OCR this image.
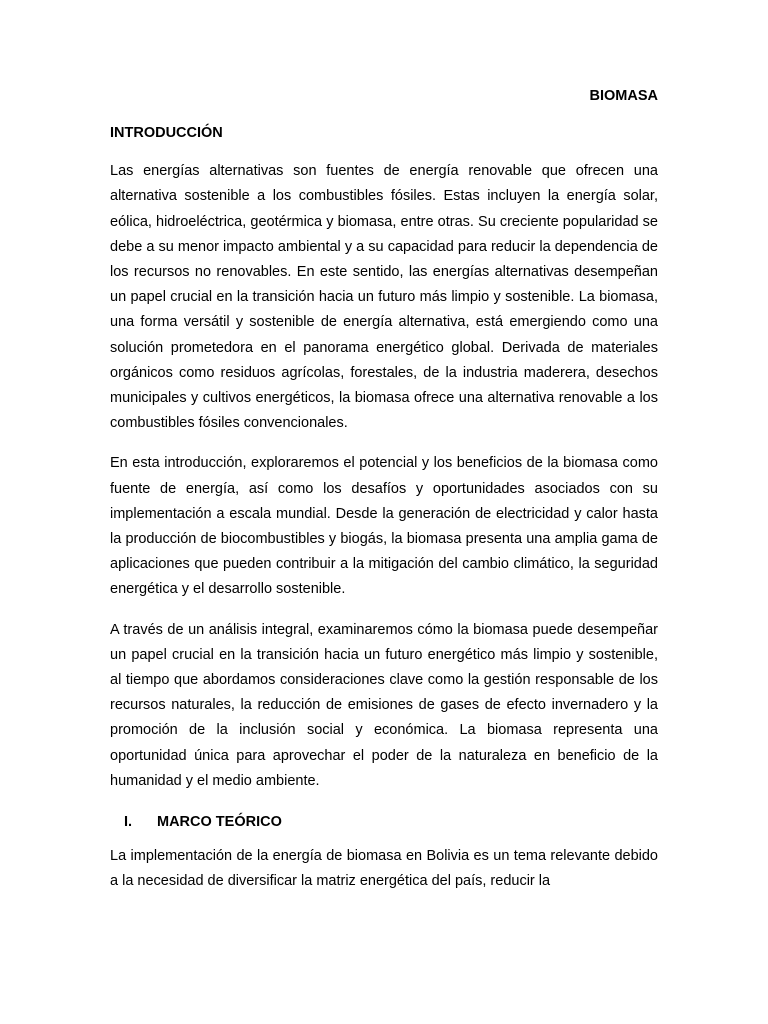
BIOMASA

INTRODUCCIÓN

Las energías alternativas son fuentes de energía renovable que ofrecen una alternativa sostenible a los combustibles fósiles. Estas incluyen la energía solar, eólica, hidroeléctrica, geotérmica y biomasa, entre otras. Su creciente popularidad se debe a su menor impacto ambiental y a su capacidad para reducir la dependencia de los recursos no renovables. En este sentido, las energías alternativas desempeñan un papel crucial en la transición hacia un futuro más limpio y sostenible. La biomasa, una forma versátil y sostenible de energía alternativa, está emergiendo como una solución prometedora en el panorama energético global. Derivada de materiales orgánicos como residuos agrícolas, forestales, de la industria maderera, desechos municipales y cultivos energéticos, la biomasa ofrece una alternativa renovable a los combustibles fósiles convencionales.

En esta introducción, exploraremos el potencial y los beneficios de la biomasa como fuente de energía, así como los desafíos y oportunidades asociados con su implementación a escala mundial. Desde la generación de electricidad y calor hasta la producción de biocombustibles y biogás, la biomasa presenta una amplia gama de aplicaciones que pueden contribuir a la mitigación del cambio climático, la seguridad energética y el desarrollo sostenible.

A través de un análisis integral, examinaremos cómo la biomasa puede desempeñar un papel crucial en la transición hacia un futuro energético más limpio y sostenible, al tiempo que abordamos consideraciones clave como la gestión responsable de los recursos naturales, la reducción de emisiones de gases de efecto invernadero y la promoción de la inclusión social y económica. La biomasa representa una oportunidad única para aprovechar el poder de la naturaleza en beneficio de la humanidad y el medio ambiente.

I.	MARCO TEÓRICO

La implementación de la energía de biomasa en Bolivia es un tema relevante debido a la necesidad de diversificar la matriz energética del país, reducir la
